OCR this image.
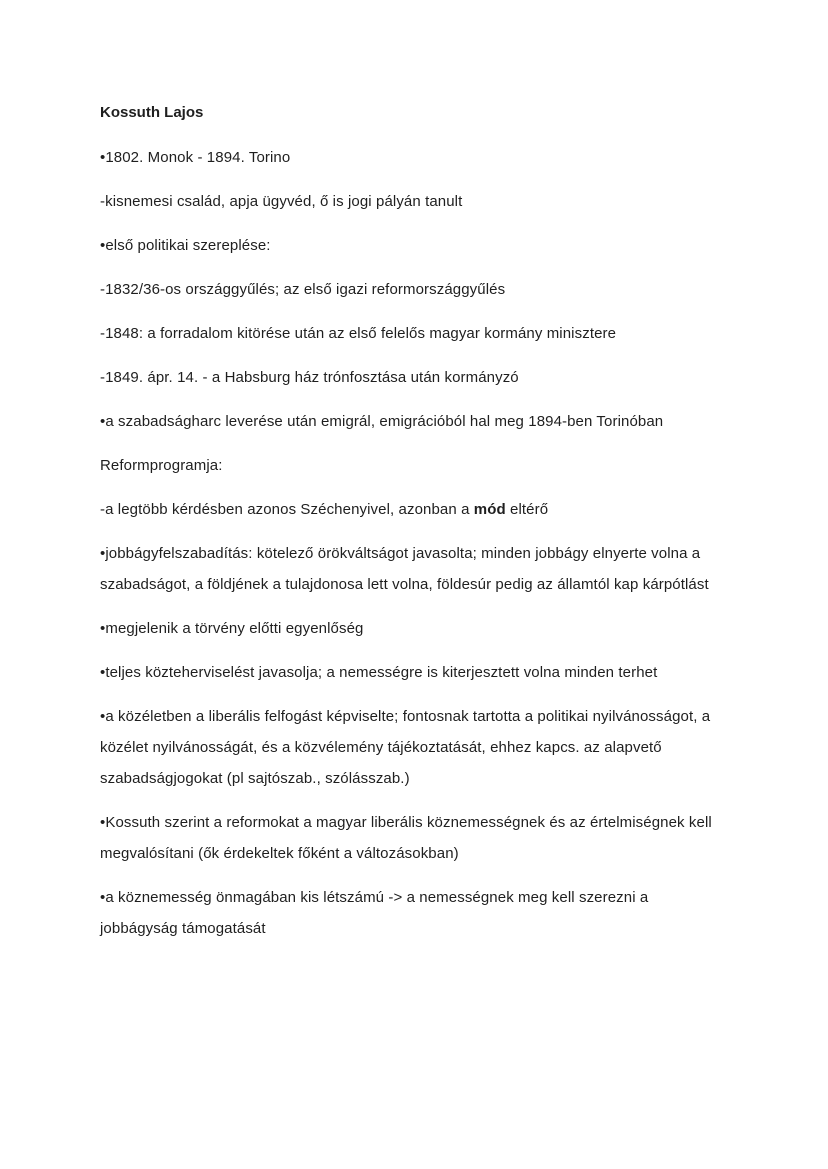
Kossuth Lajos

•1802. Monok - 1894. Torino

-kisnemesi család, apja ügyvéd, ő is jogi pályán tanult

•első politikai szereplése:

-1832/36-os országgyűlés; az első igazi reformországgyűlés

-1848: a forradalom kitörése után az első felelős magyar kormány minisztere

-1849. ápr. 14. - a Habsburg ház trónfosztása után kormányzó

•a szabadságharc leverése után emigrál, emigrációból hal meg 1894-ben Torinóban

Reformprogramja:

-a legtöbb kérdésben azonos Széchenyivel, azonban a mód eltérő

•jobbágyfelszabadítás: kötelező örökváltságot javasolta; minden jobbágy elnyerte volna a szabadságot, a földjének a tulajdonosa lett volna, földesúr pedig az államtól kap kárpótlást

•megjelenik a törvény előtti egyenlőség

•teljes közteherviselést javasolja; a nemességre is kiterjesztett volna minden terhet

•a közéletben a liberális felfogást képviselte; fontosnak tartotta a politikai nyilvánosságot, a közélet nyilvánosságát, és a közvélemény tájékoztatását, ehhez kapcs. az alapvető szabadságjogokat (pl sajtószab., szólásszab.)

•Kossuth szerint a reformokat a magyar liberális köznemességnek és az értelmiségnek kell megvalósítani (ők érdekeltek főként a változásokban)

•a köznemesség önmagában kis létszámú -> a nemességnek meg kell szerezni a jobbágyság támogatását
